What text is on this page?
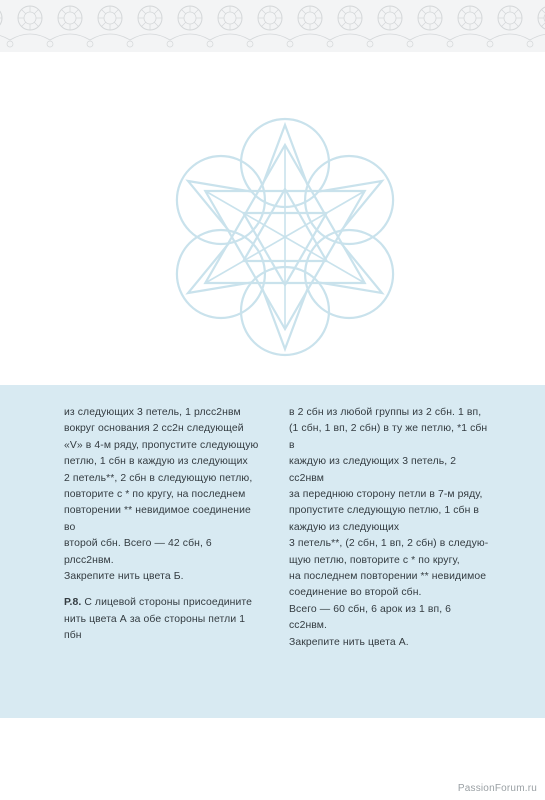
из следующих 3 петель, 1 рлсс2нвм
вокруг основания 2 сс2н следующей
«V» в 4-м ряду, пропустите следующую
петлю, 1 сбн в каждую из следующих
2 петель**, 2 сбн в следующую петлю,
повторите с * по кругу, на последнем
повторении ** невидимое соединение во
второй сбн. Всего — 42 сбн, 6 рлсс2нвм.
Закрепите нить цвета Б.

Р.8. С лицевой стороны присоедините
нить цвета А за обе стороны петли 1 пбн

в 2 сбн из любой группы из 2 сбн. 1 вп,
(1 сбн, 1 вп, 2 сбн) в ту же петлю, *1 сбн в
каждую из следующих 3 петель, 2 сс2нвм
за переднюю сторону петли в 7-м ряду,
пропустите следующую петлю, 1 сбн в
каждую из следующих
3 петель**, (2 сбн, 1 вп, 2 сбн) в следую-
щую петлю, повторите с * по кругу,
на последнем повторении ** невидимое
соединение во второй сбн.
Всего — 60 сбн, 6 арок из 1 вп, 6 сс2нвм.
Закрепите нить цвета А.

PassionForum.ru
